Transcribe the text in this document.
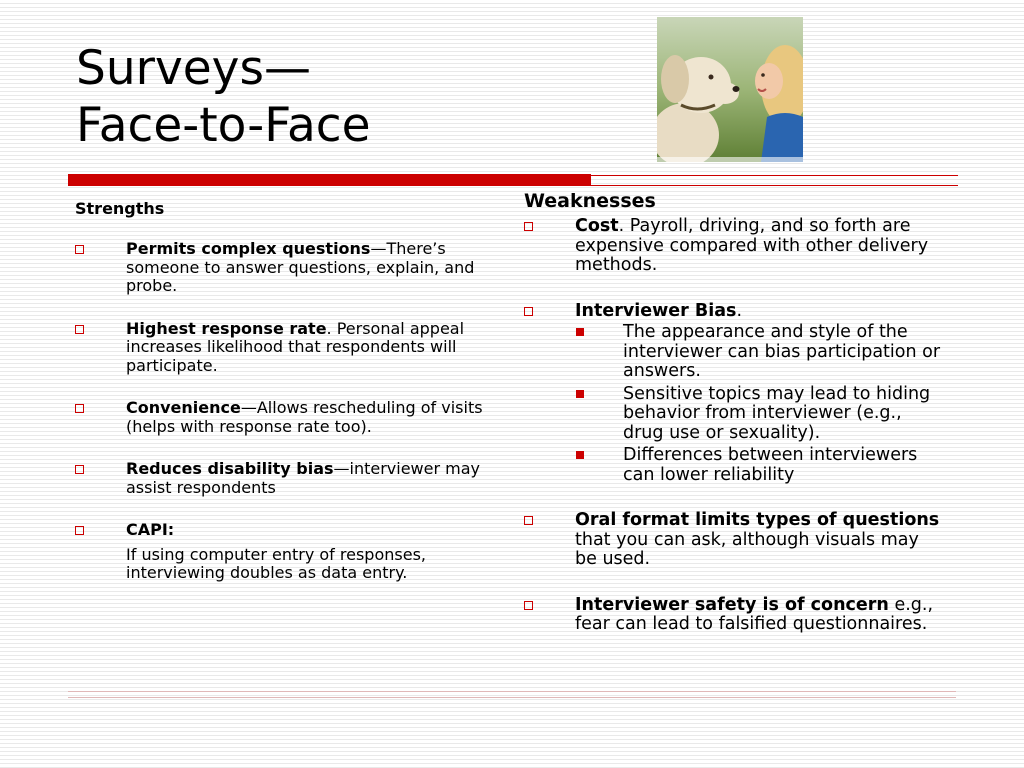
Surveys—
Face-to-Face

Strengths

Permits complex questions—There’s someone to answer questions, explain, and probe.
Highest response rate. Personal appeal increases likelihood that respondents will participate.
Convenience—Allows rescheduling of visits (helps with response rate too).
Reduces disability bias—interviewer may assist respondents
CAPI:
If using computer entry of responses, interviewing doubles as data entry.

Weaknesses

Cost. Payroll, driving, and so forth are expensive compared with other delivery methods.
Interviewer Bias.
The appearance and style of the interviewer can bias participation or answers.
Sensitive topics may lead to hiding behavior from interviewer (e.g., drug use or sexuality).
Differences between interviewers can lower reliability
Oral format limits types of questions that you can ask, although visuals may be used.
Interviewer safety is of concern e.g., fear can lead to falsified questionnaires.
